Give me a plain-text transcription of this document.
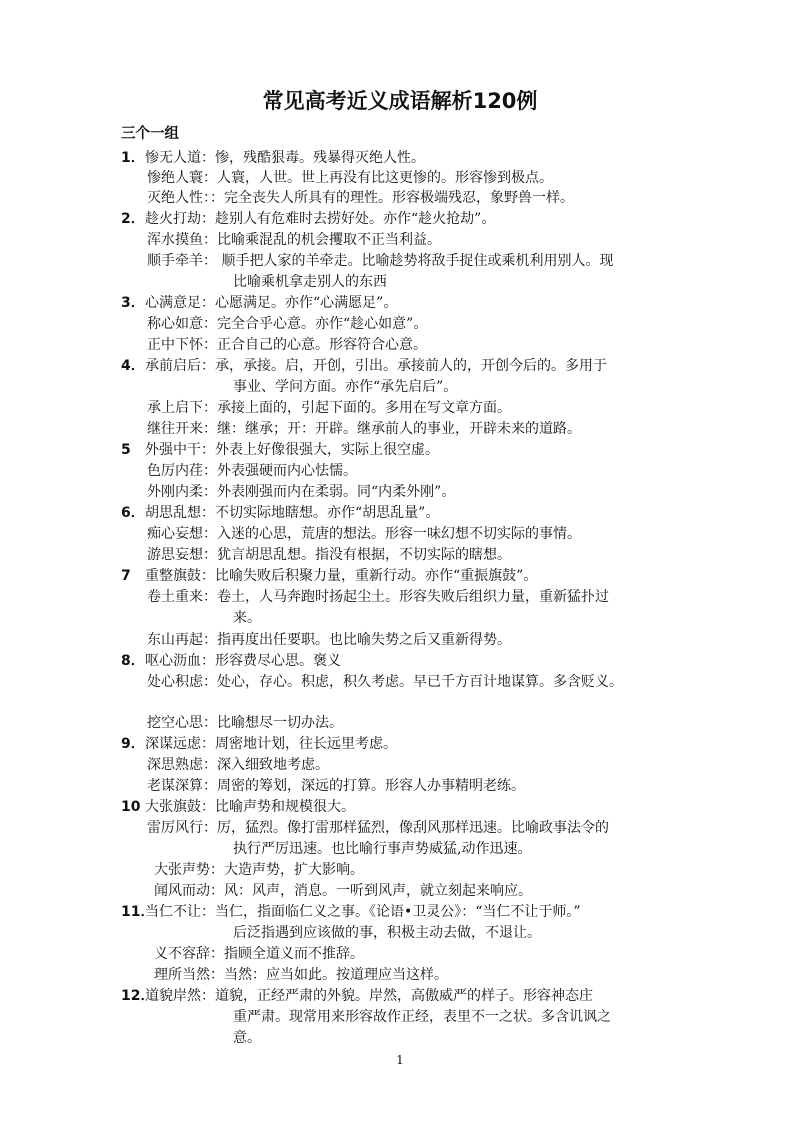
常见高考近义成语解析120例
三个一组
1．惨无人道：惨，残酷狠毒。残暴得灭绝人性。
惨绝人寰：人寰，人世。世上再没有比这更惨的。形容惨到极点。
灭绝人性：：完全丧失人所具有的理性。形容极端残忍，象野兽一样。
2．趁火打劫：趁别人有危难时去捞好处。亦作“趁火抢劫”。
浑水摸鱼：比喻乘混乱的机会攫取不正当利益。
顺手牵羊： 顺手把人家的羊牵走。比喻趁势将敌手捉住或乘机利用别人。现
比喻乘机拿走别人的东西
3．心满意足：心愿满足。亦作“心满愿足”。
称心如意：完全合乎心意。亦作“趁心如意”。
正中下怀：正合自己的心意。形容符合心意。
4．承前启后：承，承接。启，开创，引出。承接前人的，开创今后的。多用于
事业、学问方面。亦作“承先启后”。
承上启下：承接上面的，引起下面的。多用在写文章方面。
继往开来：继：继承；开：开辟。继承前人的事业，开辟未来的道路。
5 外强中干：外表上好像很强大，实际上很空虚。
色厉内荏：外表强硬而内心怯懦。
外刚内柔：外表刚强而内在柔弱。同“内柔外刚”。
6．胡思乱想：不切实际地瞎想。亦作“胡思乱量”。
痴心妄想：入迷的心思，荒唐的想法。形容一味幻想不切实际的事情。
游思妄想：犹言胡思乱想。指没有根据，不切实际的瞎想。
7 重整旗鼓：比喻失败后积聚力量，重新行动。亦作“重振旗鼓”。
卷土重来：卷土，人马奔跑时扬起尘土。形容失败后组织力量，重新猛扑过
来。
东山再起：指再度出任要职。也比喻失势之后又重新得势。
8．呕心沥血：形容费尽心思。褒义
处心积虑：处心，存心。积虑，积久考虑。早已千方百计地谋算。多含贬义。
挖空心思：比喻想尽一切办法。
9．深谋远虑：周密地计划，往长远里考虑。
深思熟虑：深入细致地考虑。
老谋深算：周密的筹划，深远的打算。形容人办事精明老练。
10 大张旗鼓：比喻声势和规模很大。
雷厉风行：厉，猛烈。像打雷那样猛烈，像刮风那样迅速。比喻政事法令的
执行严厉迅速。也比喻行事声势威猛,动作迅速。
大张声势：大造声势，扩大影响。
闻风而动：风：风声，消息。一听到风声，就立刻起来响应。
11．当仁不让：当仁，指面临仁义之事。《论语•卫灵公》：“当仁不让于师。”
后泛指遇到应该做的事，积极主动去做，不退让。
义不容辞：指顾全道义而不推辞。
理所当然：当然：应当如此。按道理应当这样。
12．道貌岸然：道貌，正经严肃的外貌。岸然，高傲威严的样子。形容神态庄
重严肃。现常用来形容故作正经，表里不一之状。多含讥讽之
意。
1
